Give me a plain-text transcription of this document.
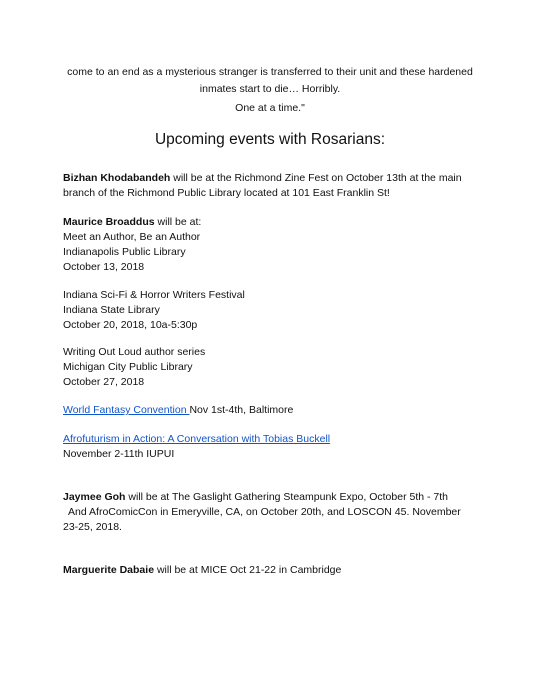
come to an end as a mysterious stranger is transferred to their unit and these hardened
inmates start to die… Horribly.
One at a time."
Upcoming events with Rosarians:

Bizhan Khodabandeh will be at the Richmond Zine Fest on October 13th at the main

branch of the Richmond Public Library located at 101 East Franklin St!

Maurice Broaddus will be at:

Meet an Author, Be an Author

Indianapolis Public Library

October 13, 2018

Indiana Sci-Fi & Horror Writers Festival

Indiana State Library

October 20, 2018, 10a-5:30p

Writing Out Loud author series

Michigan City Public Library

October 27, 2018

World Fantasy Convention Nov 1st-4th, Baltimore

Afrofuturism in Action: A Conversation with Tobias Buckell

November 2-11th IUPUI

Jaymee Goh will be at The Gaslight Gathering Steampunk Expo, October 5th - 7th

And AfroComicCon in Emeryville, CA, on October 20th, and LOSCON 45. November

23-25, 2018.

Marguerite Dabaie will be at MICE Oct 21-22 in Cambridge
